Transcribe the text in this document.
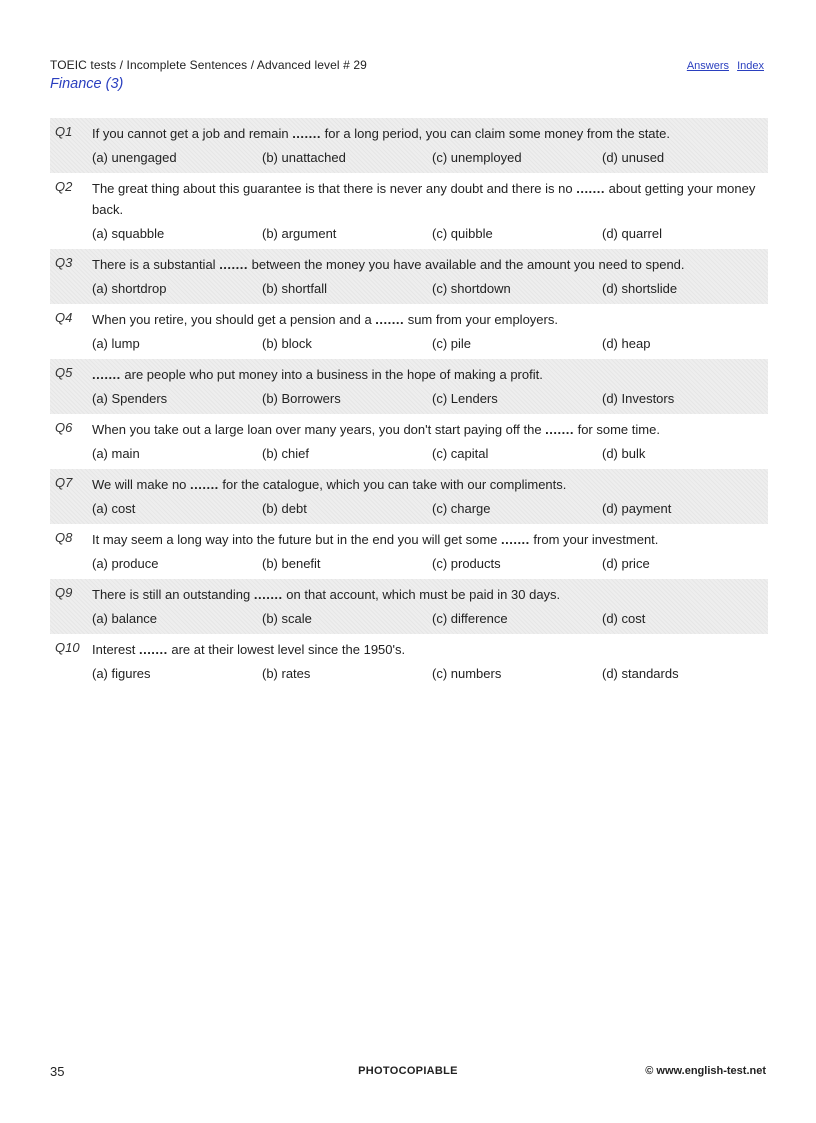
TOEIC tests / Incomplete Sentences / Advanced level # 29
Finance (3)
Answers Index
Q1 If you cannot get a job and remain ....... for a long period, you can claim some money from the state.
(a) unengaged	(b) unattached	(c) unemployed	(d) unused
Q2 The great thing about this guarantee is that there is never any doubt and there is no ....... about getting your money back.
(a) squabble	(b) argument	(c) quibble	(d) quarrel
Q3 There is a substantial ....... between the money you have available and the amount you need to spend.
(a) shortdrop	(b) shortfall	(c) shortdown	(d) shortslide
Q4 When you retire, you should get a pension and a ....... sum from your employers.
(a) lump	(b) block	(c) pile	(d) heap
Q5 ....... are people who put money into a business in the hope of making a profit.
(a) Spenders	(b) Borrowers	(c) Lenders	(d) Investors
Q6 When you take out a large loan over many years, you don't start paying off the ....... for some time.
(a) main	(b) chief	(c) capital	(d) bulk
Q7 We will make no ....... for the catalogue, which you can take with our compliments.
(a) cost	(b) debt	(c) charge	(d) payment
Q8 It may seem a long way into the future but in the end you will get some ....... from your investment.
(a) produce	(b) benefit	(c) products	(d) price
Q9 There is still an outstanding ....... on that account, which must be paid in 30 days.
(a) balance	(b) scale	(c) difference	(d) cost
Q10 Interest ....... are at their lowest level since the 1950's.
(a) figures	(b) rates	(c) numbers	(d) standards
35	PHOTOCOPIABLE	© www.english-test.net
